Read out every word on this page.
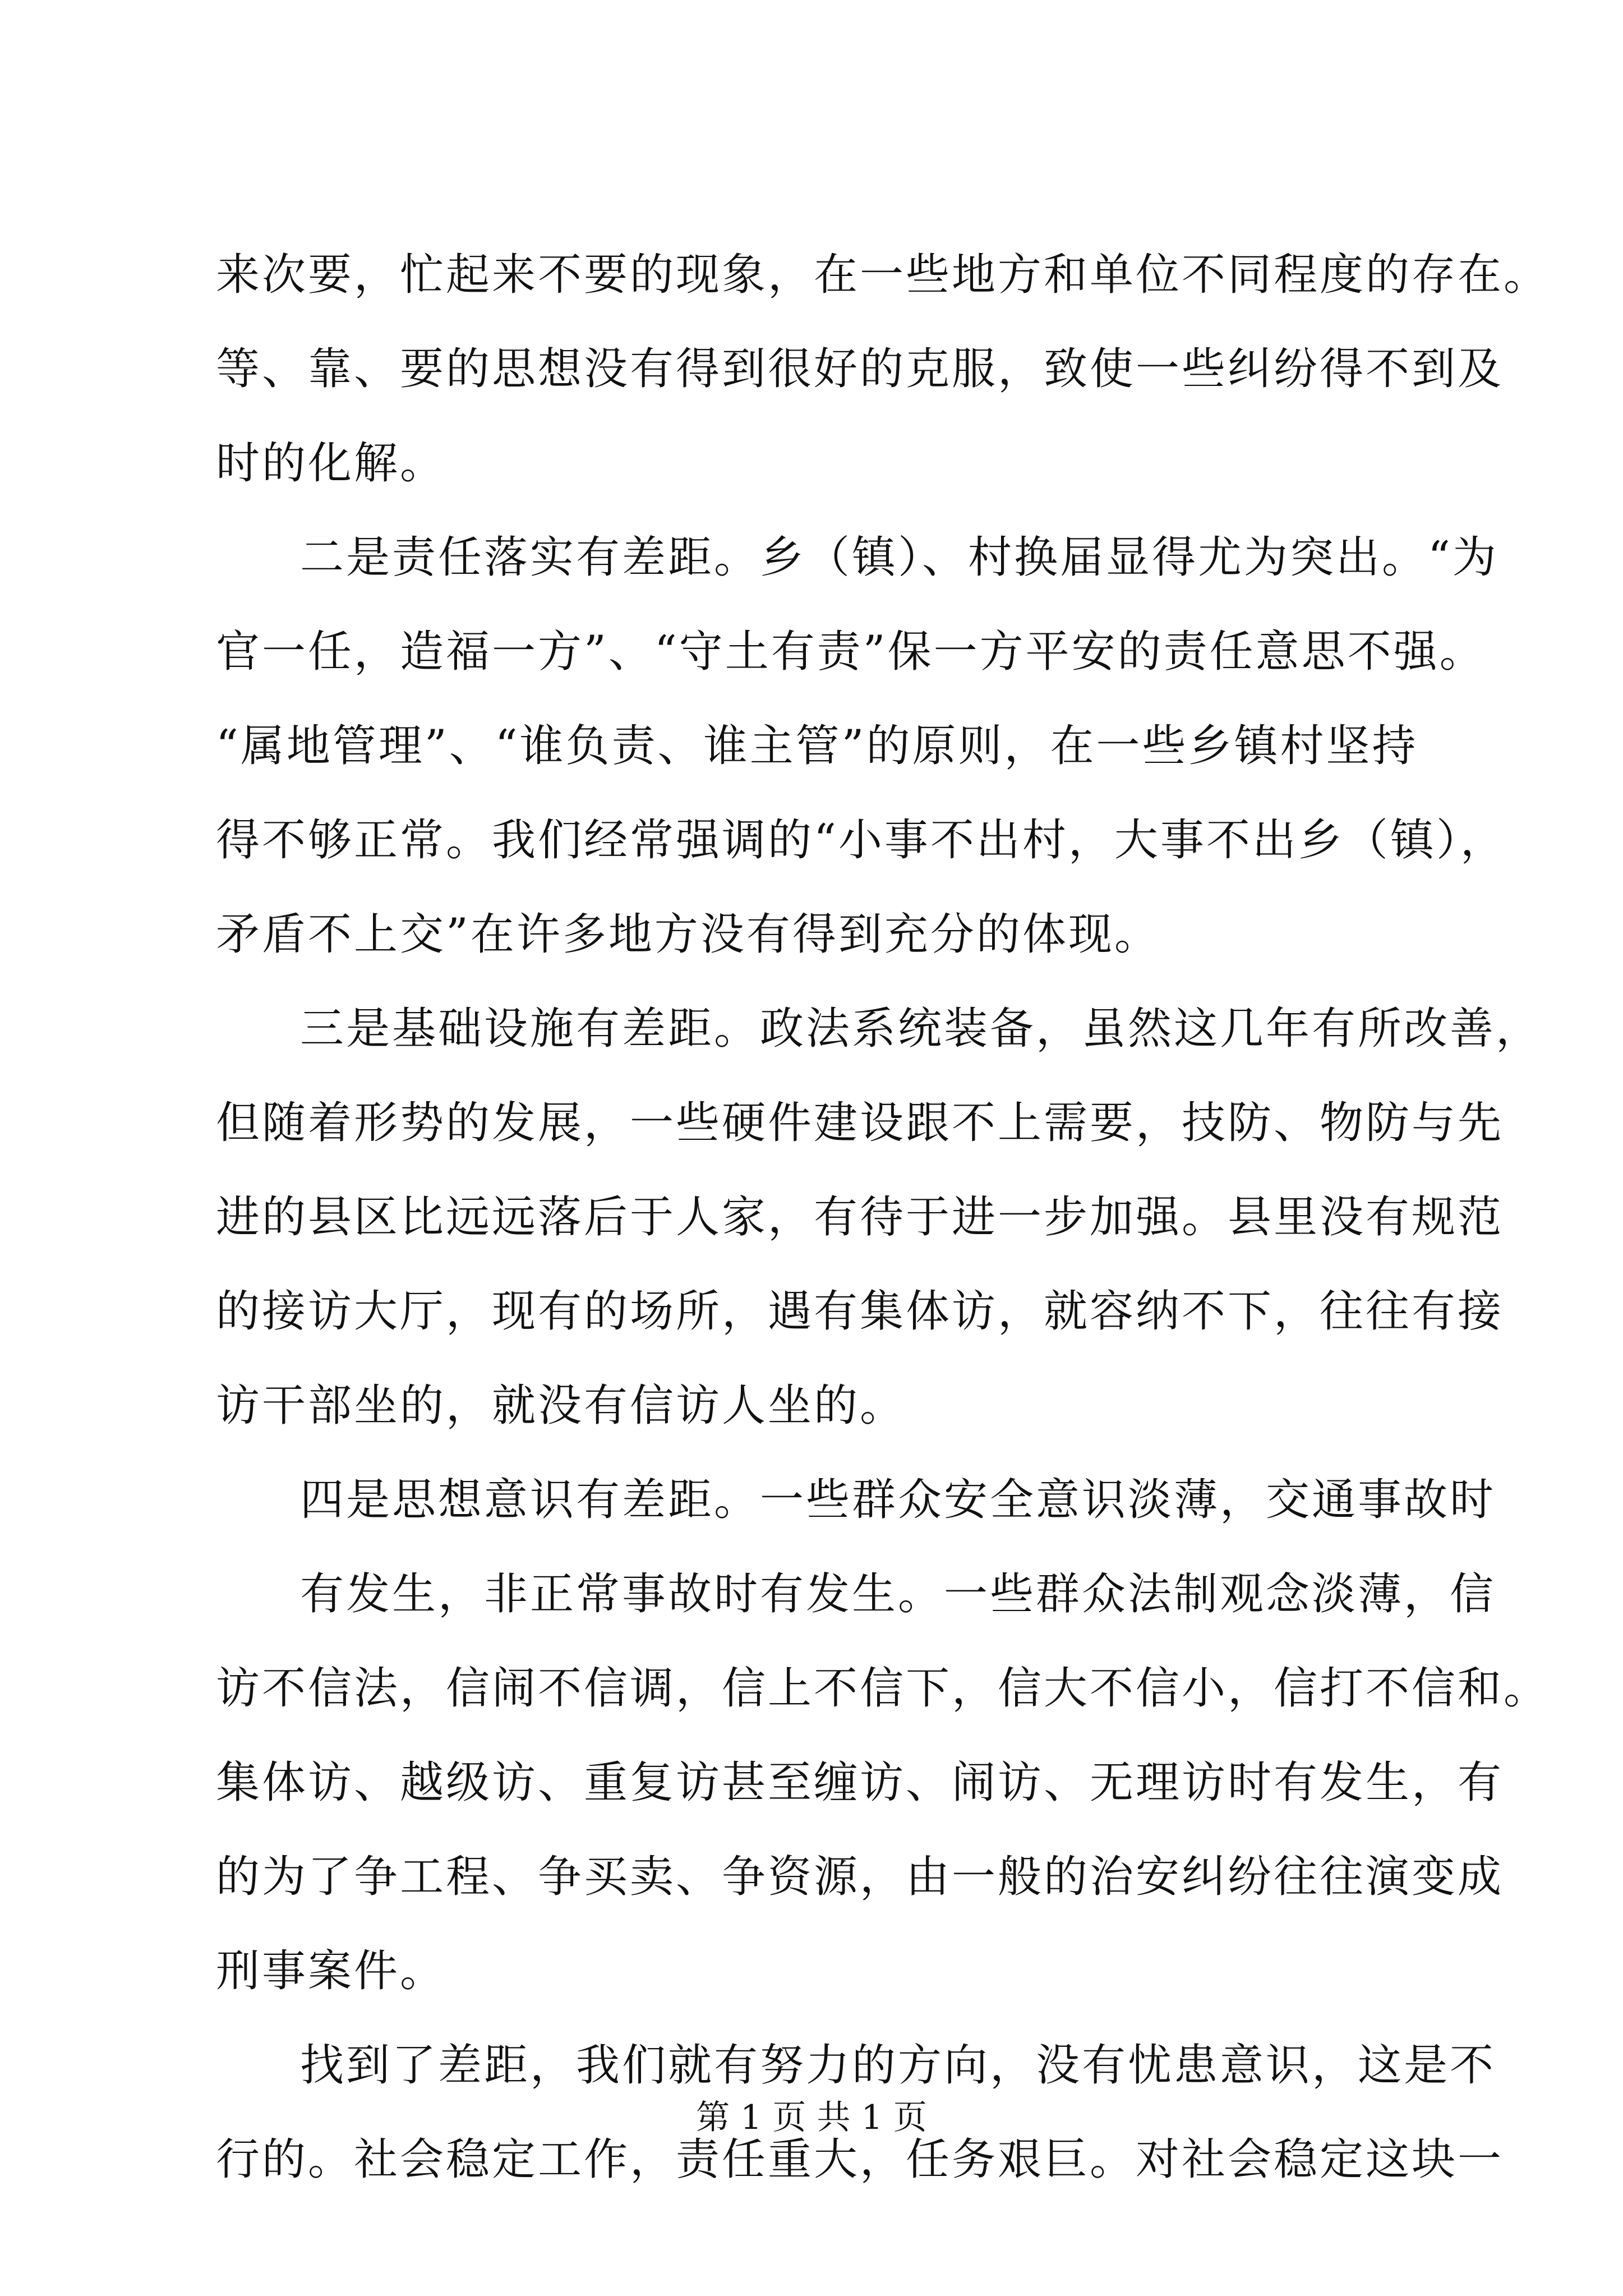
来次要，忙起来不要的现象，在一些地方和单位不同程度的存在。
等、靠、要的思想没有得到很好的克服，致使一些纠纷得不到及
时的化解。
二是责任落实有差距。乡（镇）、村换届显得尤为突出。“为
官一任，造福一方”、“守土有责”保一方平安的责任意思不强。
“属地管理”、“谁负责、谁主管”的原则，在一些乡镇村坚持
得不够正常。我们经常强调的“小事不出村，大事不出乡（镇），
矛盾不上交”在许多地方没有得到充分的体现。
三是基础设施有差距。政法系统装备，虽然这几年有所改善，
但随着形势的发展，一些硬件建设跟不上需要，技防、物防与先
进的县区比远远落后于人家，有待于进一步加强。县里没有规范
的接访大厅，现有的场所，遇有集体访，就容纳不下，往往有接
访干部坐的，就没有信访人坐的。
四是思想意识有差距。一些群众安全意识淡薄，交通事故时
有发生，非正常事故时有发生。一些群众法制观念淡薄，信
访不信法，信闹不信调，信上不信下，信大不信小，信打不信和。
集体访、越级访、重复访甚至缠访、闹访、无理访时有发生，有
的为了争工程、争买卖、争资源，由一般的治安纠纷往往演变成
刑事案件。
找到了差距，我们就有努力的方向，没有忧患意识，这是不
行的。社会稳定工作，责任重大，任务艰巨。对社会稳定这块一
第 1 页 共 1 页
